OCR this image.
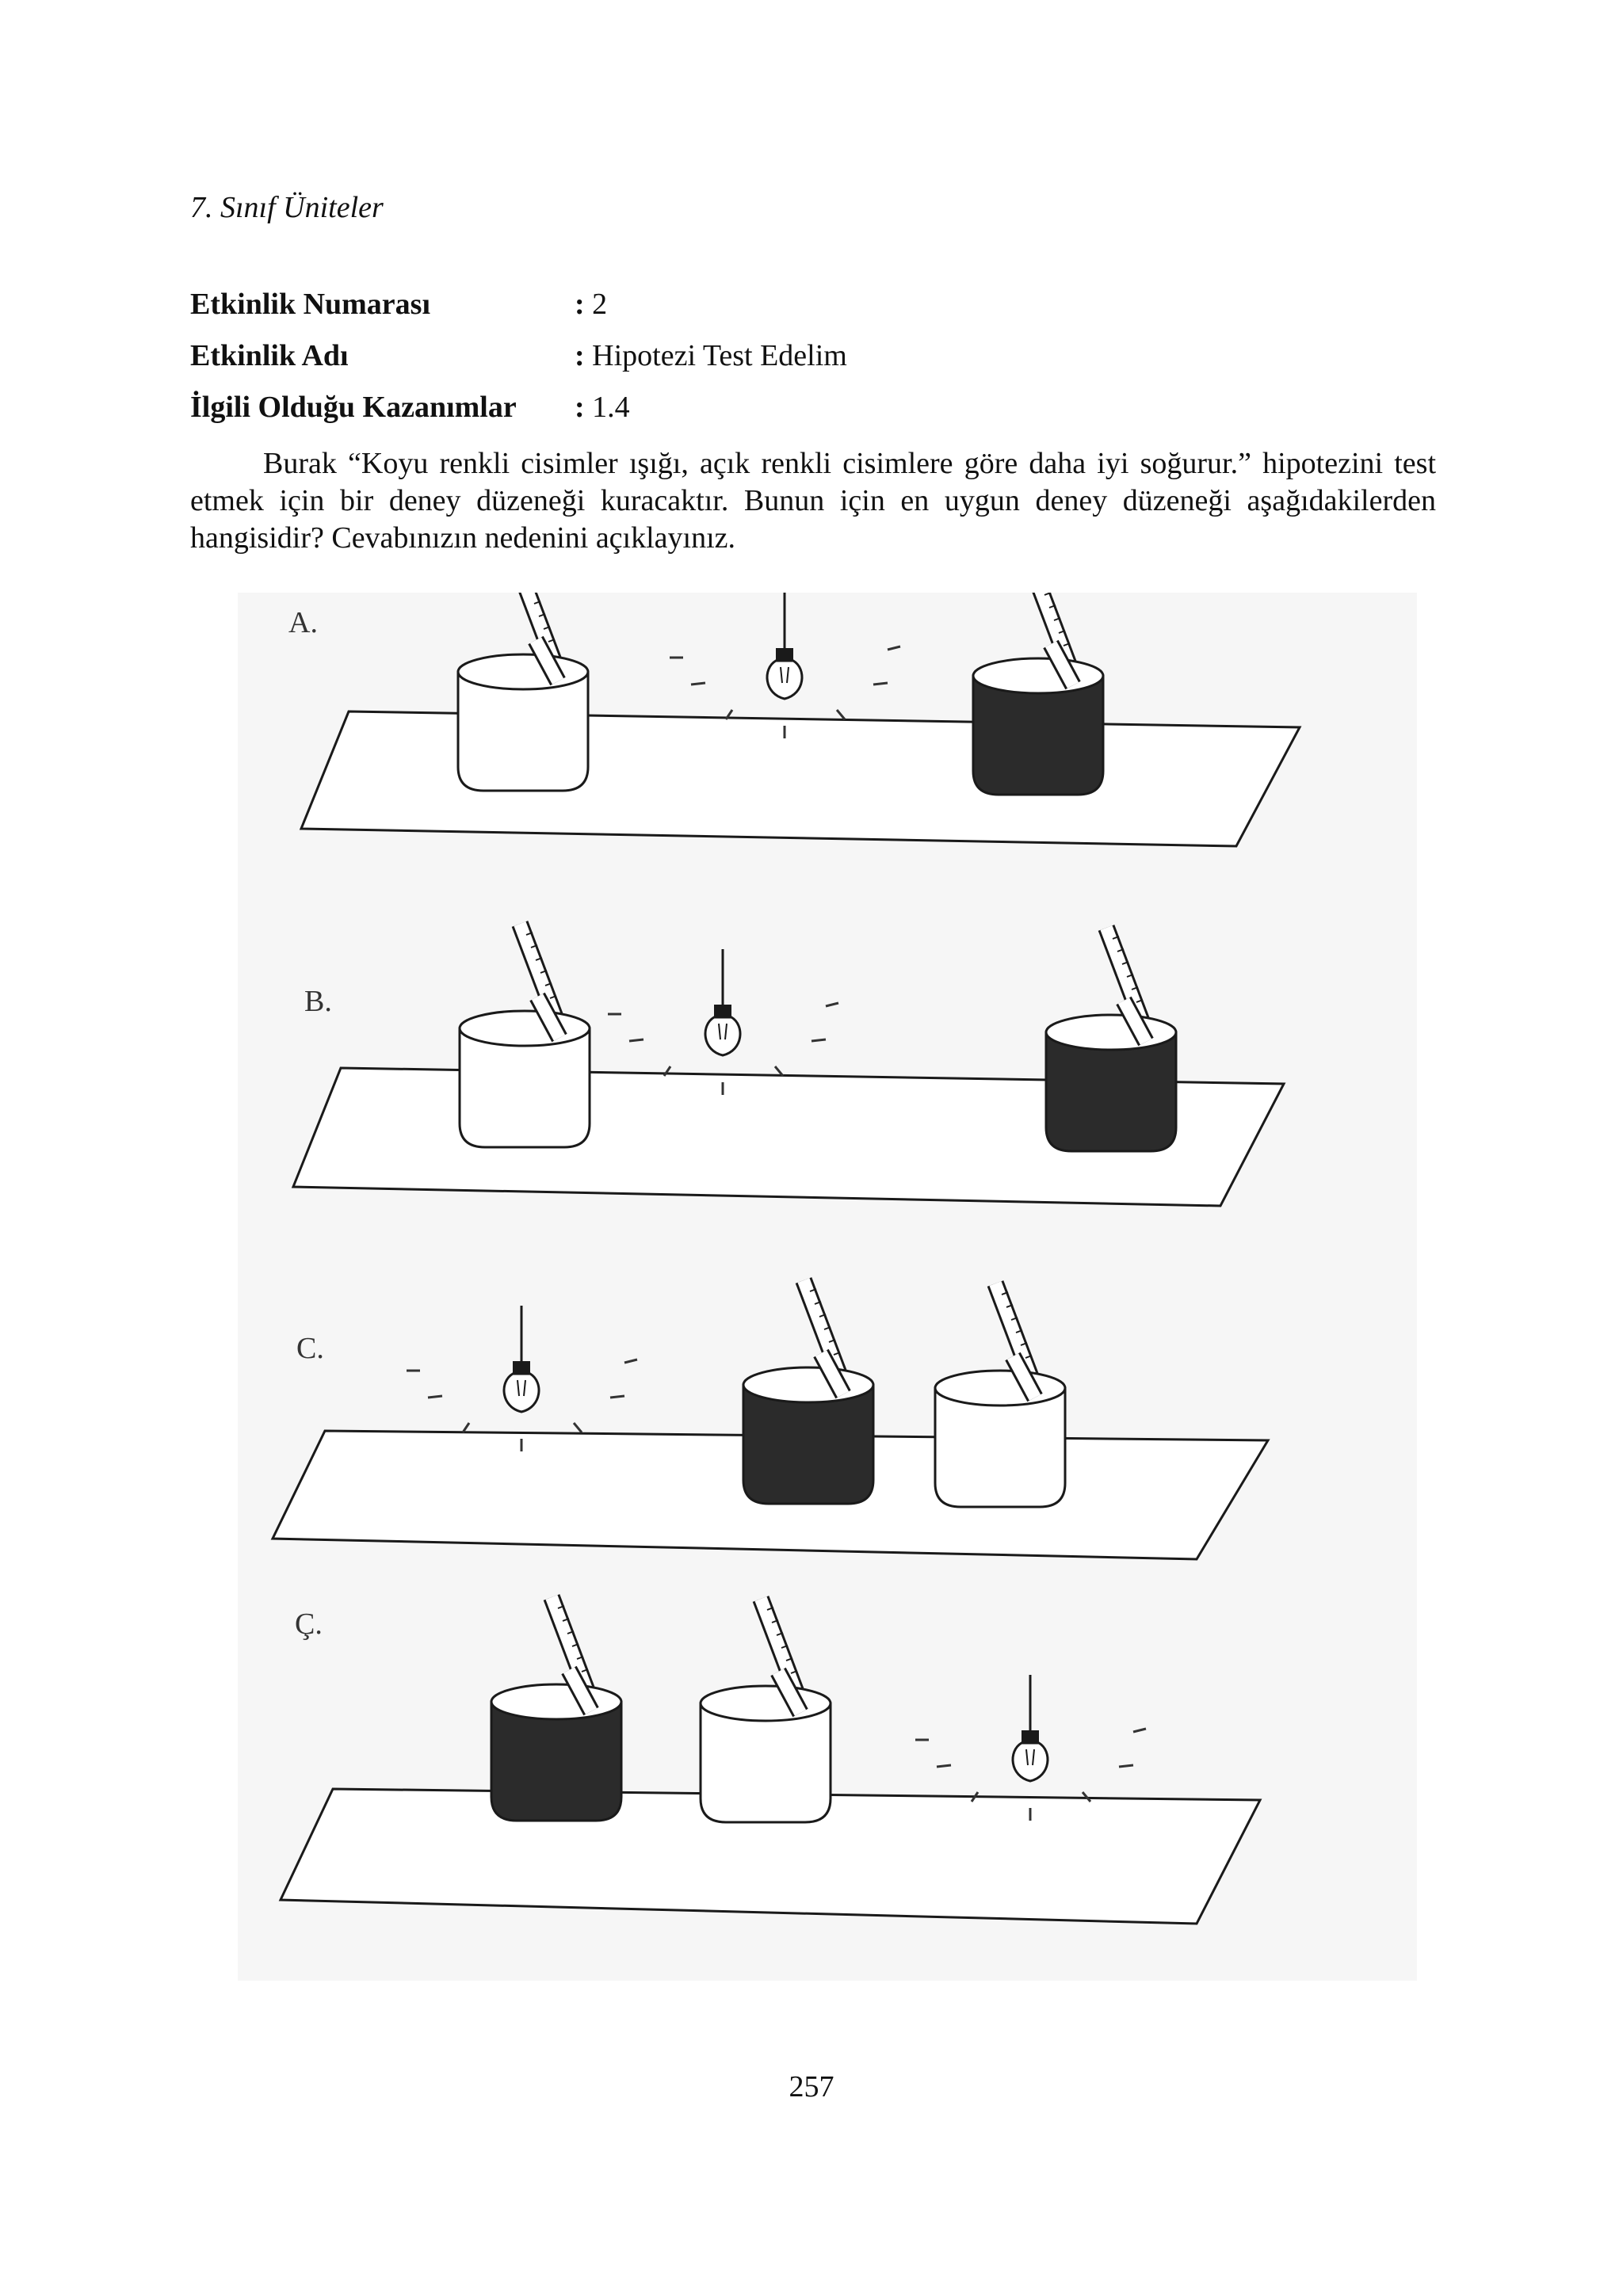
7. Sınıf Üniteler
Etkinlik Numarası	: 2
Etkinlik Adı	: Hipotezi Test Edelim
İlgili Olduğu Kazanımlar : 1.4
Burak “Koyu renkli cisimler ışığı, açık renkli cisimlere göre daha iyi soğurur.” hipotezini test etmek için bir deney düzeneği kuracaktır. Bunun için en uygun deney düzeneği aşağıdakilerden hangisidir? Cevabınızın nedenini açıklayınız.
A.
B.
C.
Ç.
257
